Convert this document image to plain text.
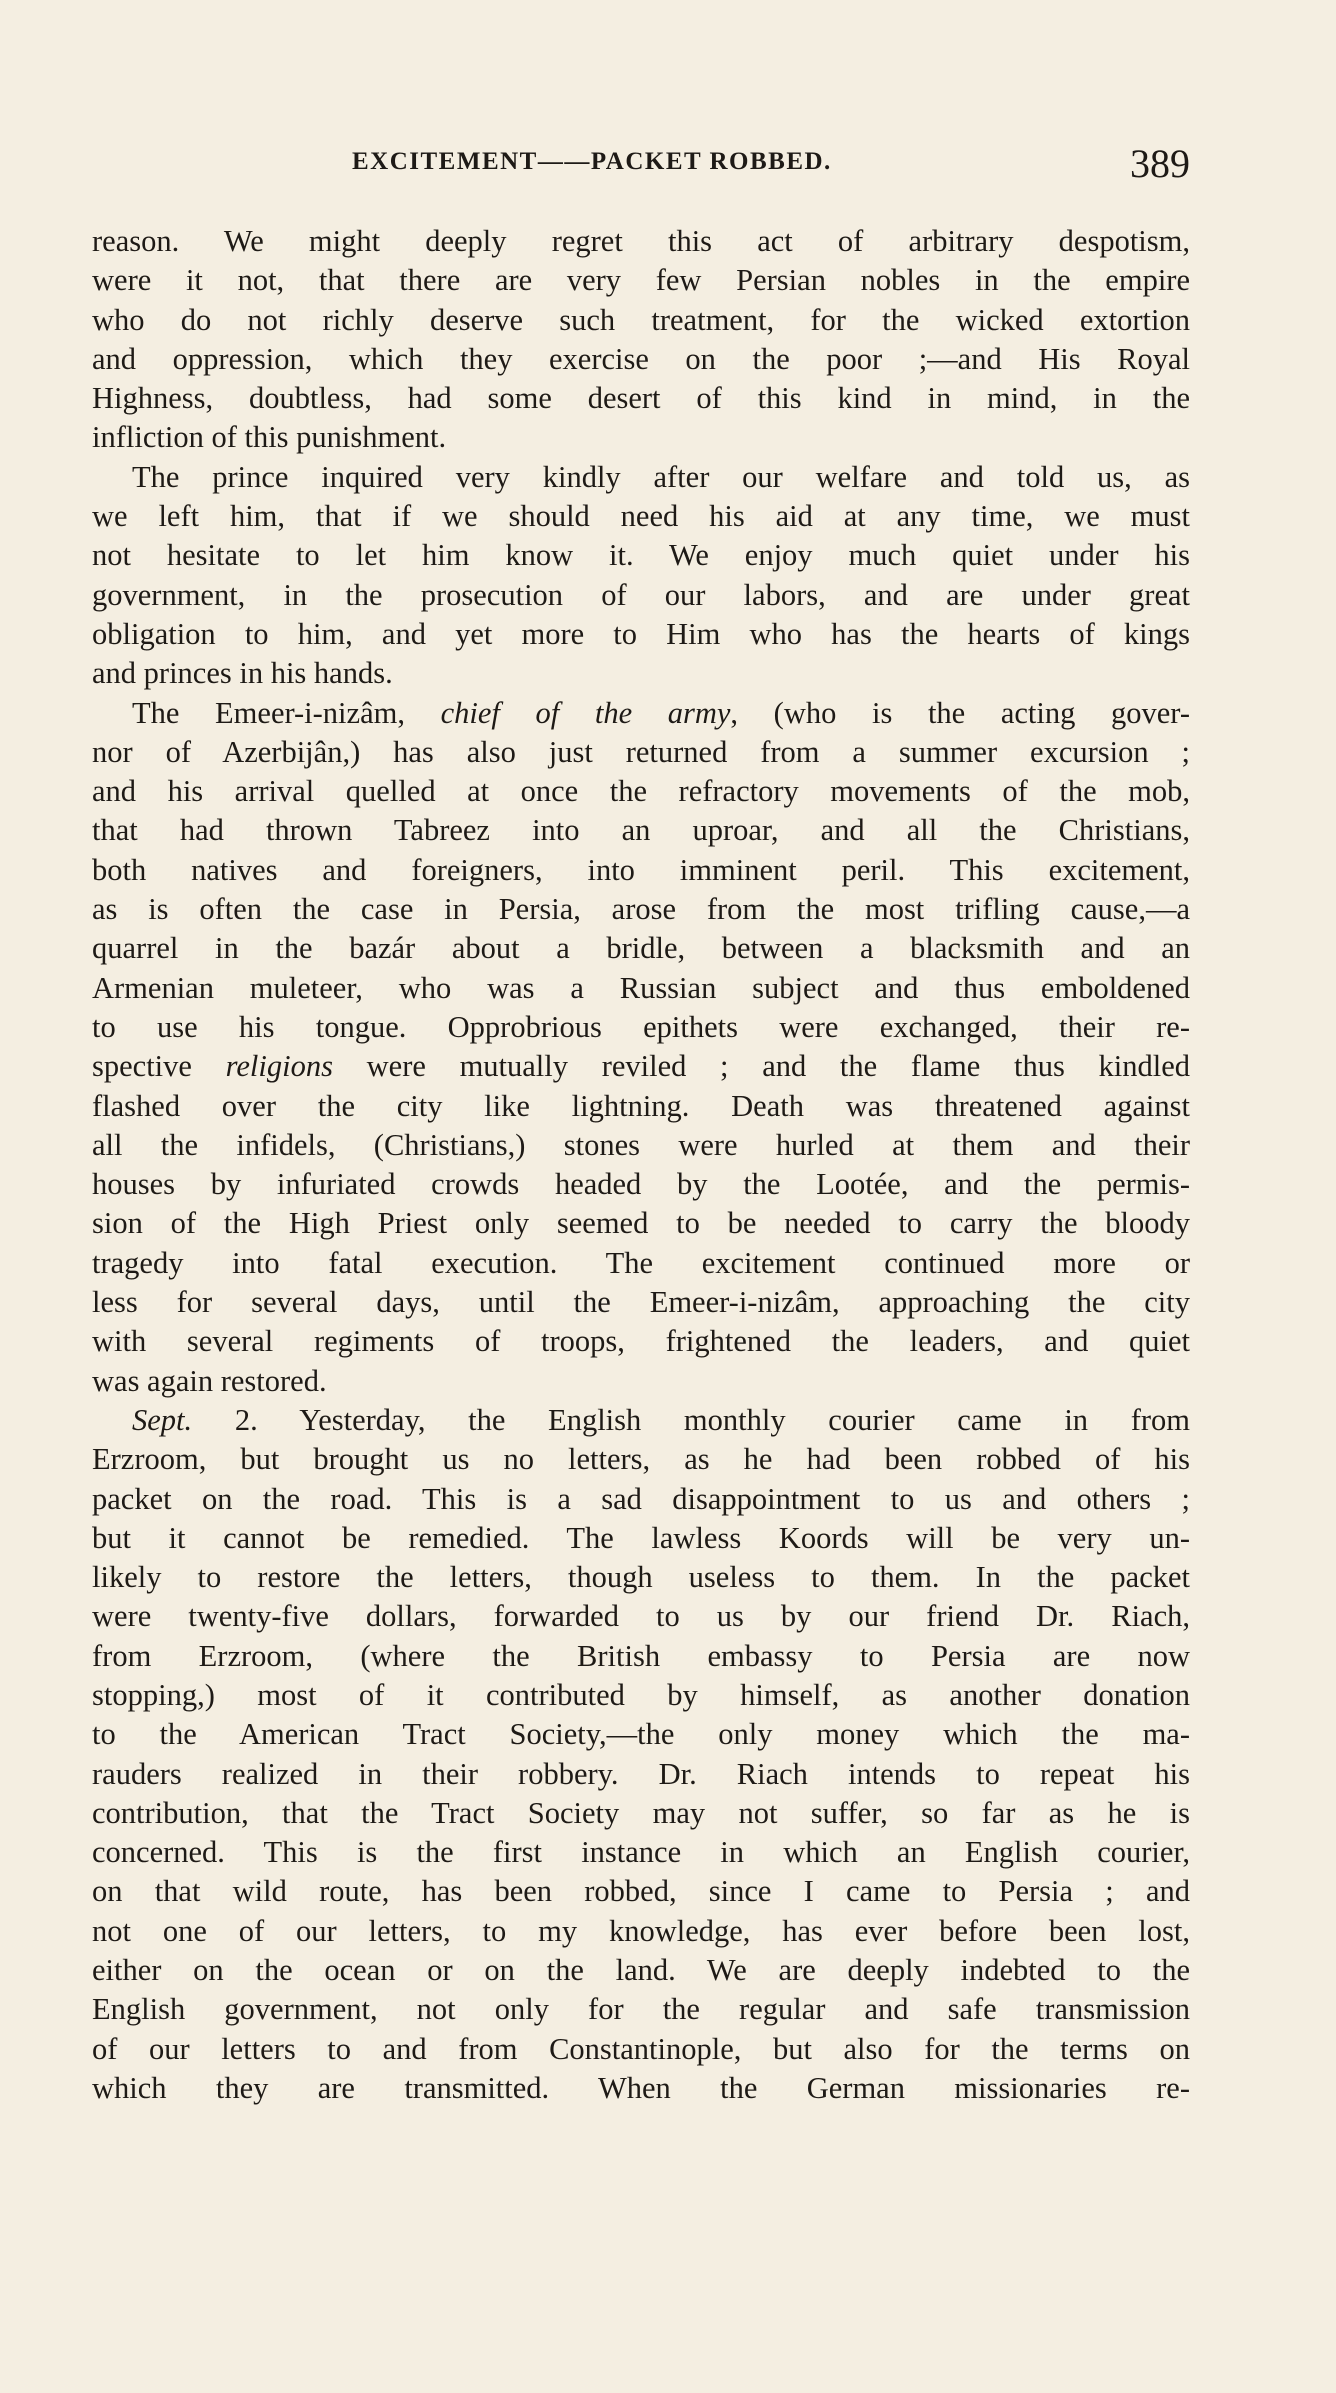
EXCITEMENT——PACKET ROBBED.	389
reason. We might deeply regret this act of arbitrary despotism,
were it not, that there are very few Persian nobles in the empire
who do not richly deserve such treatment, for the wicked extortion
and oppression, which they exercise on the poor ;—and His Royal
Highness, doubtless, had some desert of this kind in mind, in the
infliction of this punishment.
The prince inquired very kindly after our welfare and told us, as
we left him, that if we should need his aid at any time, we must
not hesitate to let him know it. We enjoy much quiet under his
government, in the prosecution of our labors, and are under great
obligation to him, and yet more to Him who has the hearts of kings
and princes in his hands.
The Emeer-i-nizâm, chief of the army, (who is the acting gover-
nor of Azerbijân,) has also just returned from a summer excursion ;
and his arrival quelled at once the refractory movements of the mob,
that had thrown Tabreez into an uproar, and all the Christians,
both natives and foreigners, into imminent peril. This excitement,
as is often the case in Persia, arose from the most trifling cause,—a
quarrel in the bazár about a bridle, between a blacksmith and an
Armenian muleteer, who was a Russian subject and thus emboldened
to use his tongue. Opprobrious epithets were exchanged, their re-
spective religions were mutually reviled ; and the flame thus kindled
flashed over the city like lightning. Death was threatened against
all the infidels, (Christians,) stones were hurled at them and their
houses by infuriated crowds headed by the Lootée, and the permis-
sion of the High Priest only seemed to be needed to carry the bloody
tragedy into fatal execution. The excitement continued more or
less for several days, until the Emeer-i-nizâm, approaching the city
with several regiments of troops, frightened the leaders, and quiet
was again restored.
Sept. 2. Yesterday, the English monthly courier came in from
Erzroom, but brought us no letters, as he had been robbed of his
packet on the road. This is a sad disappointment to us and others ;
but it cannot be remedied. The lawless Koords will be very un-
likely to restore the letters, though useless to them. In the packet
were twenty-five dollars, forwarded to us by our friend Dr. Riach,
from Erzroom, (where the British embassy to Persia are now
stopping,) most of it contributed by himself, as another donation
to the American Tract Society,—the only money which the ma-
rauders realized in their robbery. Dr. Riach intends to repeat his
contribution, that the Tract Society may not suffer, so far as he is
concerned. This is the first instance in which an English courier,
on that wild route, has been robbed, since I came to Persia ; and
not one of our letters, to my knowledge, has ever before been lost,
either on the ocean or on the land. We are deeply indebted to the
English government, not only for the regular and safe transmission
of our letters to and from Constantinople, but also for the terms on
which they are transmitted. When the German missionaries re-
